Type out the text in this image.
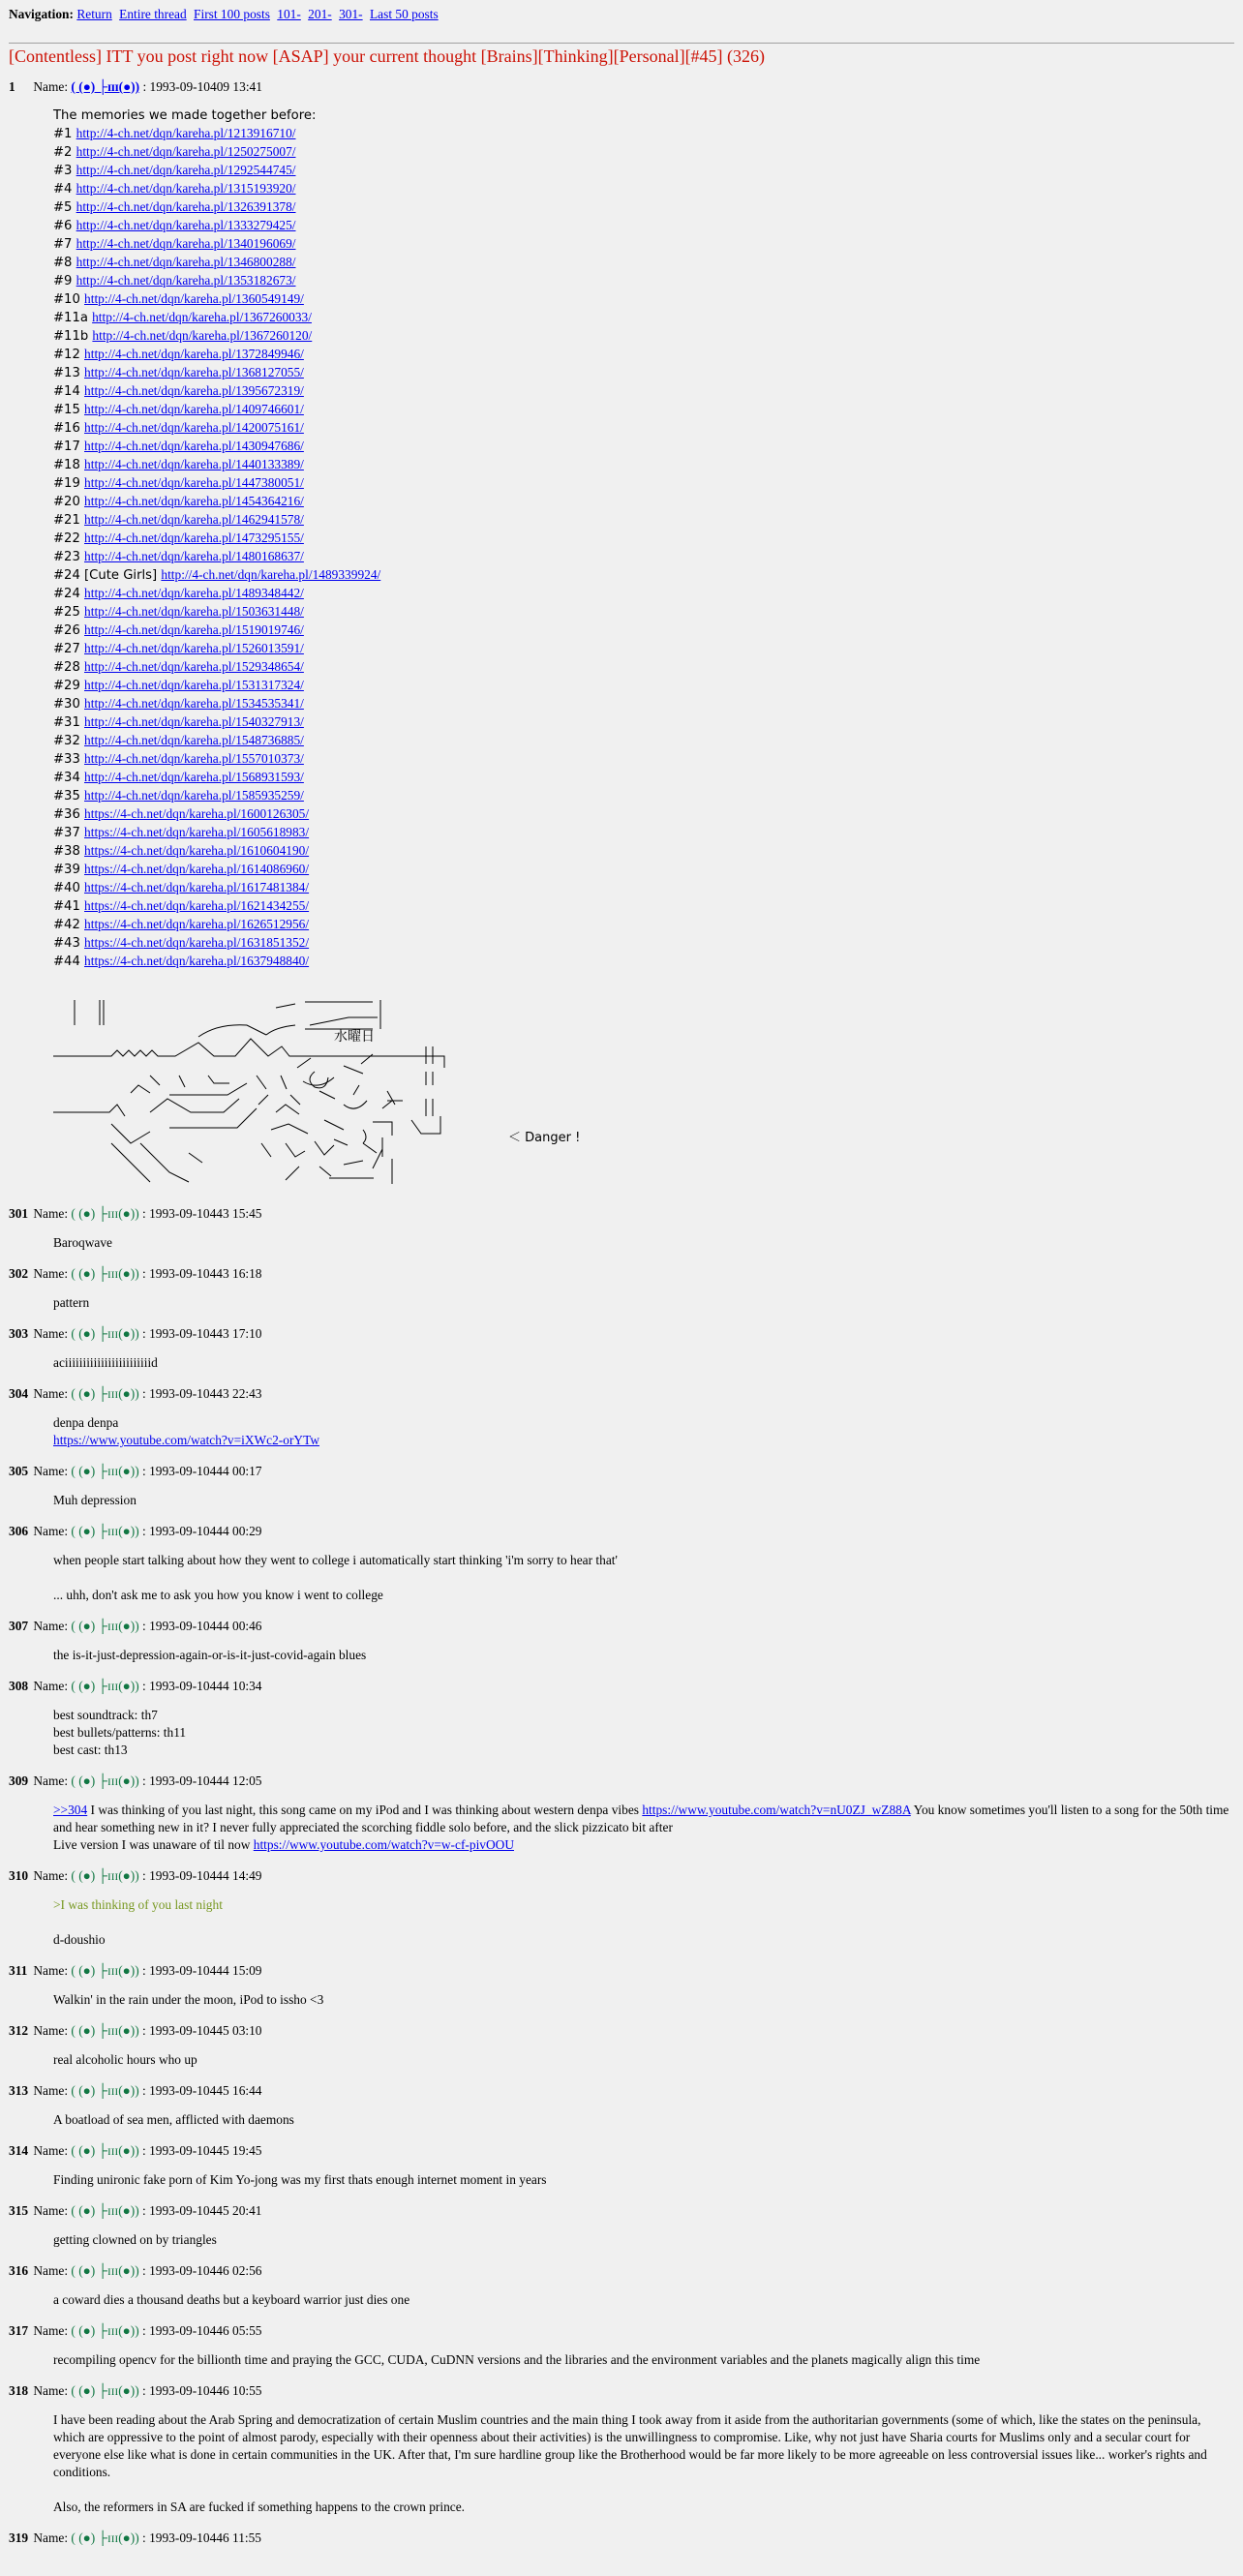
Navigation: Return Entire thread First 100 posts 101- 201- 301- Last 50 posts
[Contentless] ITT you post right now [ASAP] your current thought [Brains][Thinking][Personal][#45] (326)
1 Name: ( (●) ├ɪɪɪ(●)) : 1993-09-10409 13:41
The memories we made together before:
#1 http://4-ch.net/dqn/kareha.pl/1213916710/
#2 http://4-ch.net/dqn/kareha.pl/1250275007/
#3 http://4-ch.net/dqn/kareha.pl/1292544745/
#4 http://4-ch.net/dqn/kareha.pl/1315193920/
#5 http://4-ch.net/dqn/kareha.pl/1326391378/
#6 http://4-ch.net/dqn/kareha.pl/1333279425/
#7 http://4-ch.net/dqn/kareha.pl/1340196069/
#8 http://4-ch.net/dqn/kareha.pl/1346800288/
#9 http://4-ch.net/dqn/kareha.pl/1353182673/
#10 http://4-ch.net/dqn/kareha.pl/1360549149/
#11a http://4-ch.net/dqn/kareha.pl/1367260033/
#11b http://4-ch.net/dqn/kareha.pl/1367260120/
#12 http://4-ch.net/dqn/kareha.pl/1372849946/
#13 http://4-ch.net/dqn/kareha.pl/1368127055/
#14 http://4-ch.net/dqn/kareha.pl/1395672319/
#15 http://4-ch.net/dqn/kareha.pl/1409746601/
#16 http://4-ch.net/dqn/kareha.pl/1420075161/
#17 http://4-ch.net/dqn/kareha.pl/1430947686/
#18 http://4-ch.net/dqn/kareha.pl/1440133389/
#19 http://4-ch.net/dqn/kareha.pl/1447380051/
#20 http://4-ch.net/dqn/kareha.pl/1454364216/
#21 http://4-ch.net/dqn/kareha.pl/1462941578/
#22 http://4-ch.net/dqn/kareha.pl/1473295155/
#23 http://4-ch.net/dqn/kareha.pl/1480168637/
#24 [Cute Girls] http://4-ch.net/dqn/kareha.pl/1489339924/
#24 http://4-ch.net/dqn/kareha.pl/1489348442/
#25 http://4-ch.net/dqn/kareha.pl/1503631448/
#26 http://4-ch.net/dqn/kareha.pl/1519019746/
#27 http://4-ch.net/dqn/kareha.pl/1526013591/
#28 http://4-ch.net/dqn/kareha.pl/1529348654/
#29 http://4-ch.net/dqn/kareha.pl/1531317324/
#30 http://4-ch.net/dqn/kareha.pl/1534535341/
#31 http://4-ch.net/dqn/kareha.pl/1540327913/
#32 http://4-ch.net/dqn/kareha.pl/1548736885/
#33 http://4-ch.net/dqn/kareha.pl/1557010373/
#34 http://4-ch.net/dqn/kareha.pl/1568931593/
#35 http://4-ch.net/dqn/kareha.pl/1585935259/
#36 https://4-ch.net/dqn/kareha.pl/1600126305/
#37 https://4-ch.net/dqn/kareha.pl/1605618983/
#38 https://4-ch.net/dqn/kareha.pl/1610604190/
#39 https://4-ch.net/dqn/kareha.pl/1614086960/
#40 https://4-ch.net/dqn/kareha.pl/1617481384/
#41 https://4-ch.net/dqn/kareha.pl/1621434255/
#42 https://4-ch.net/dqn/kareha.pl/1626512956/
#43 https://4-ch.net/dqn/kareha.pl/1631851352/
#44 https://4-ch.net/dqn/kareha.pl/1637948840/
水曜日
＜ Danger !
301 Name: ( (●) ├ɪɪɪ(●)) : 1993-09-10443 15:45
Baroqwave
302 Name: ( (●) ├ɪɪɪ(●)) : 1993-09-10443 16:18
pattern
303 Name: ( (●) ├ɪɪɪ(●)) : 1993-09-10443 17:10
aciiiiiiiiiiiiiiiiiiiiiiiid
304 Name: ( (●) ├ɪɪɪ(●)) : 1993-09-10443 22:43
denpa denpa
https://www.youtube.com/watch?v=iXWc2-orYTw
305 Name: ( (●) ├ɪɪɪ(●)) : 1993-09-10444 00:17
Muh depression
306 Name: ( (●) ├ɪɪɪ(●)) : 1993-09-10444 00:29
when people start talking about how they went to college i automatically start thinking 'i'm sorry to hear that'
... uhh, don't ask me to ask you how you know i went to college
307 Name: ( (●) ├ɪɪɪ(●)) : 1993-09-10444 00:46
the is-it-just-depression-again-or-is-it-just-covid-again blues
308 Name: ( (●) ├ɪɪɪ(●)) : 1993-09-10444 10:34
best soundtrack: th7
best bullets/patterns: th11
best cast: th13
309 Name: ( (●) ├ɪɪɪ(●)) : 1993-09-10444 12:05
>>304 I was thinking of you last night, this song came on my iPod and I was thinking about western denpa vibes https://www.youtube.com/watch?v=nU0ZJ_wZ88A You know sometimes you'll listen to a song for the 50th time and hear something new in it? I never fully appreciated the scorching fiddle solo before, and the slick pizzicato bit after
Live version I was unaware of til now https://www.youtube.com/watch?v=w-cf-pivOOU
310 Name: ( (●) ├ɪɪɪ(●)) : 1993-09-10444 14:49
>I was thinking of you last night
d-doushio
311 Name: ( (●) ├ɪɪɪ(●)) : 1993-09-10444 15:09
Walkin' in the rain under the moon, iPod to issho <3
312 Name: ( (●) ├ɪɪɪ(●)) : 1993-09-10445 03:10
real alcoholic hours who up
313 Name: ( (●) ├ɪɪɪ(●)) : 1993-09-10445 16:44
A boatload of sea men, afflicted with daemons
314 Name: ( (●) ├ɪɪɪ(●)) : 1993-09-10445 19:45
Finding unironic fake porn of Kim Yo-jong was my first thats enough internet moment in years
315 Name: ( (●) ├ɪɪɪ(●)) : 1993-09-10445 20:41
getting clowned on by triangles
316 Name: ( (●) ├ɪɪɪ(●)) : 1993-09-10446 02:56
a coward dies a thousand deaths but a keyboard warrior just dies one
317 Name: ( (●) ├ɪɪɪ(●)) : 1993-09-10446 05:55
recompiling opencv for the billionth time and praying the GCC, CUDA, CuDNN versions and the libraries and the environment variables and the planets magically align this time
318 Name: ( (●) ├ɪɪɪ(●)) : 1993-09-10446 10:55
I have been reading about the Arab Spring and democratization of certain Muslim countries and the main thing I took away from it aside from the authoritarian governments (some of which, like the states on the peninsula, which are oppressive to the point of almost parody, especially with their openness about their activities) is the unwillingness to compromise. Like, why not just have Sharia courts for Muslims only and a secular court for everyone else like what is done in certain communities in the UK. After that, I'm sure hardline group like the Brotherhood would be far more likely to be more agreeable on less controversial issues like... worker's rights and conditions.
Also, the reformers in SA are fucked if something happens to the crown prince.
319 Name: ( (●) ├ɪɪɪ(●)) : 1993-09-10446 11:55
